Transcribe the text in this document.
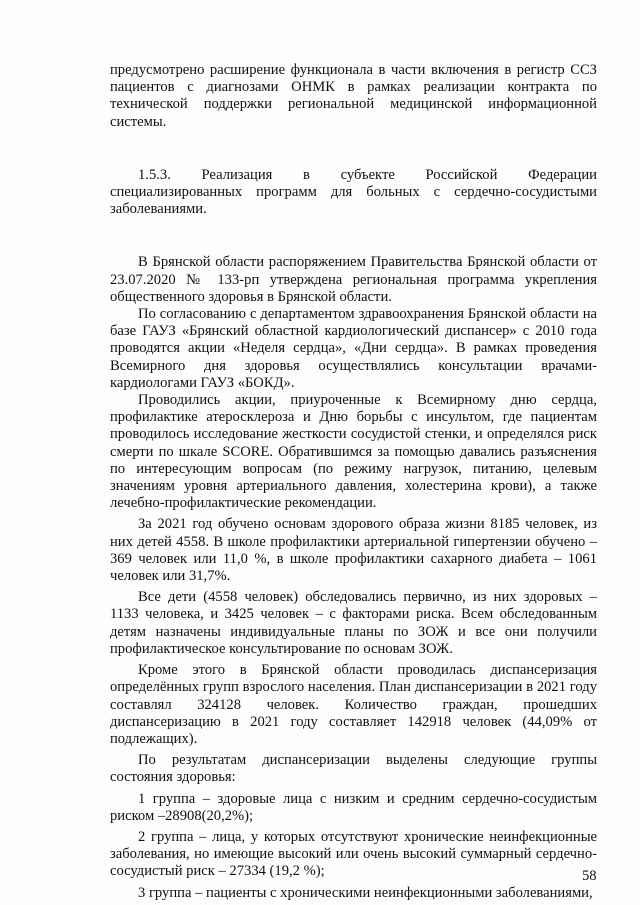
предусмотрено расширение функционала в части включения в регистр ССЗ пациентов с диагнозами ОНМК в рамках реализации контракта по технической поддержки региональной медицинской информационной системы.

1.5.3. Реализация в субъекте Российской Федерации специализированных программ для больных с сердечно-сосудистыми заболеваниями.

В Брянской области распоряжением Правительства Брянской области от 23.07.2020 № 133-рп утверждена региональная программа укрепления общественного здоровья в Брянской области.

По согласованию с департаментом здравоохранения Брянской области на базе ГАУЗ «Брянский областной кардиологический диспансер» с 2010 года проводятся акции «Неделя сердца», «Дни сердца». В рамках проведения Всемирного дня здоровья осуществлялись консультации врачами-кардиологами ГАУЗ «БОКД».

Проводились акции, приуроченные к Всемирному дню сердца, профилактике атеросклероза и Дню борьбы с инсультом, где пациентам проводилось исследование жесткости сосудистой стенки, и определялся риск смерти по шкале SCORE. Обратившимся за помощью давались разъяснения по интересующим вопросам (по режиму нагрузок, питанию, целевым значениям уровня артериального давления, холестерина крови), а также лечебно-профилактические рекомендации.

За 2021 год обучено основам здорового образа жизни 8185 человек, из них детей 4558. В школе профилактики артериальной гипертензии обучено – 369 человек или 11,0 %, в школе профилактики сахарного диабета – 1061 человек или 31,7%.

Все дети (4558 человек) обследовались первично, из них здоровых – 1133 человека, и 3425 человек – с факторами риска. Всем обследованным детям назначены индивидуальные планы по ЗОЖ и все они получили профилактическое консультирование по основам ЗОЖ.

Кроме этого в Брянской области проводилась диспансеризация определённых групп взрослого населения. План диспансеризации в 2021 году составлял 324128 человек. Количество граждан, прошедших диспансеризацию в 2021 году составляет 142918 человек (44,09% от подлежащих).

По результатам диспансеризации выделены следующие группы состояния здоровья:

1 группа – здоровые лица с низким и средним сердечно-сосудистым риском –28908(20,2%);

2 группа – лица, у которых отсутствуют хронические неинфекционные заболевания, но имеющие высокий или очень высокий суммарный сердечно-сосудистый риск – 27334 (19,2 %);

3 группа – пациенты с хроническими неинфекционными заболеваниями,

58
